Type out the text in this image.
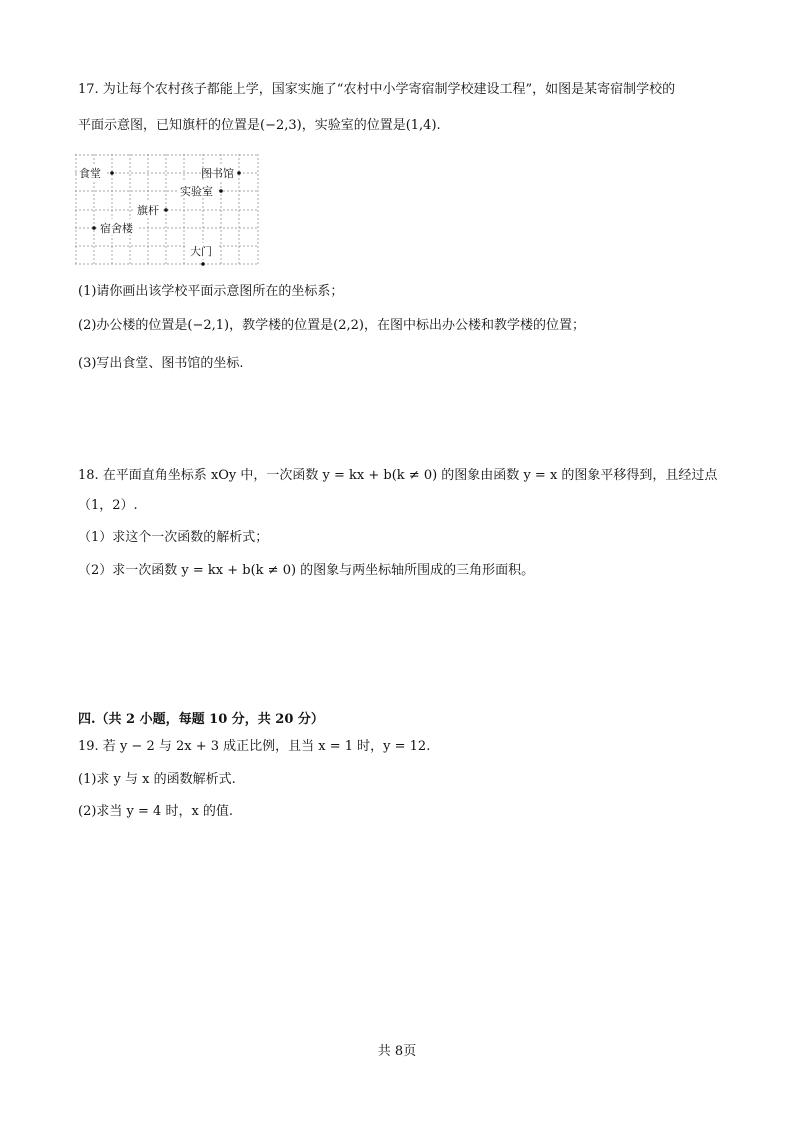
17. 为让每个农村孩子都能上学，国家实施了“农村中小学寄宿制学校建设工程”，如图是某寄宿制学校的
平面示意图，已知旗杆的位置是(−2,3)，实验室的位置是(1,4).
食堂	图书馆
实验室
旗杆
宿舍楼
大门
(1)请你画出该学校平面示意图所在的坐标系；
(2)办公楼的位置是(−2,1)，教学楼的位置是(2,2)，在图中标出办公楼和教学楼的位置；
(3)写出食堂、图书馆的坐标.
18. 在平面直角坐标系 xOy 中，一次函数 y = kx + b(k ≠ 0) 的图象由函数 y = x 的图象平移得到，且经过点
（1，2）.
（1）求这个一次函数的解析式；
（2）求一次函数 y = kx + b(k ≠ 0) 的图象与两坐标轴所围成的三角形面积。
四.（共 2 小题，每题 10 分，共 20 分）
19. 若 y − 2 与 2x + 3 成正比例，且当 x = 1 时，y = 12.
(1)求 y 与 x 的函数解析式.
(2)求当 y = 4 时，x 的值.
共 8页
